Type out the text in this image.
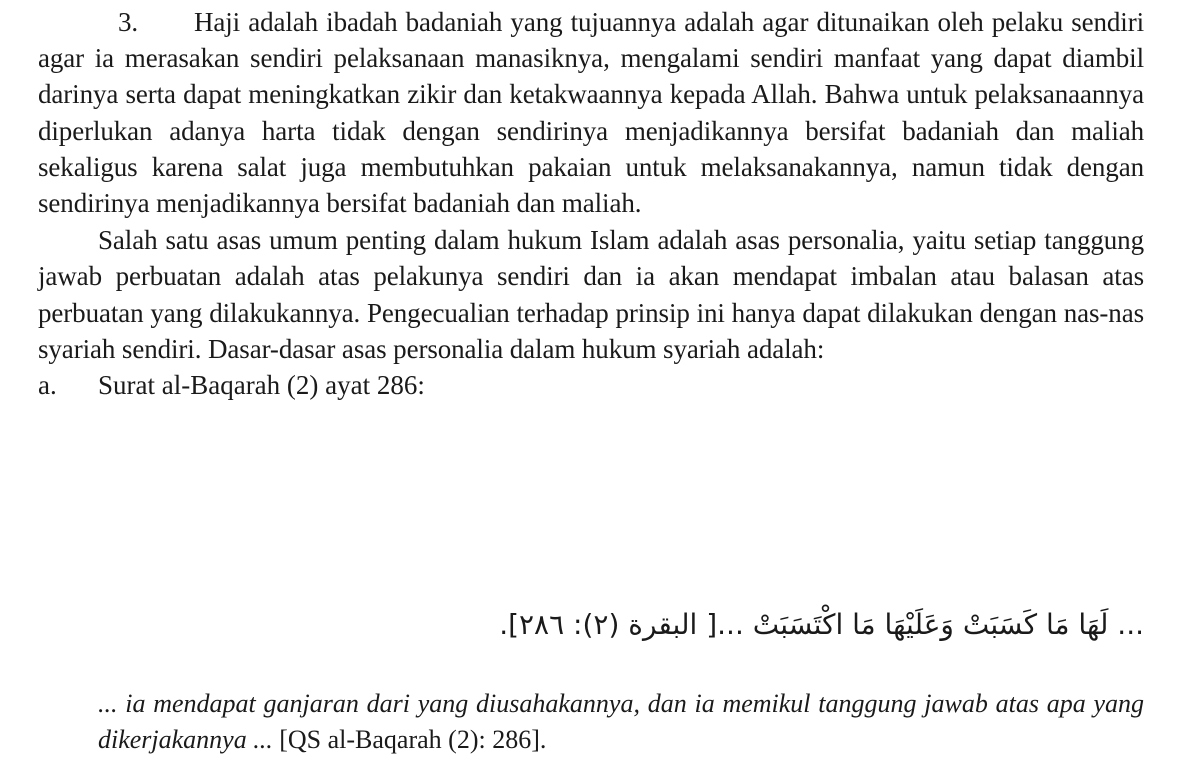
3. Haji adalah ibadah badaniah yang tujuannya adalah agar ditunaikan oleh pelaku sendiri agar ia merasakan sendiri pelaksanaan manasiknya, mengalami sendiri manfaat yang dapat diambil darinya serta dapat meningkatkan zikir dan ketakwaannya kepada Allah. Bahwa untuk pelaksanaannya diperlukan adanya harta tidak dengan sendirinya menjadikannya bersifat badaniah dan maliah sekaligus karena salat juga membutuhkan pakaian untuk melaksanakannya, namun tidak dengan sendirinya menjadikannya bersifat badaniah dan maliah.

Salah satu asas umum penting dalam hukum Islam adalah asas personalia, yaitu setiap tanggung jawab perbuatan adalah atas pelakunya sendiri dan ia akan mendapat imbalan atau balasan atas perbuatan yang dilakukannya. Pengecualian terhadap prinsip ini hanya dapat dilakukan dengan nas-nas syariah sendiri. Dasar-dasar asas personalia dalam hukum syariah adalah:

a.	Surat al-Baqarah (2) ayat 286:
... لَهَا مَا كَسَبَتْ وَعَلَيْهَا مَا اكْتَسَبَتْ ...[ البقرة (٢): ٢٨٦].
... ia mendapat ganjaran dari yang diusahakannya, dan ia memikul tanggung jawab atas apa yang dikerjakannya ... [QS al-Baqarah (2): 286].
